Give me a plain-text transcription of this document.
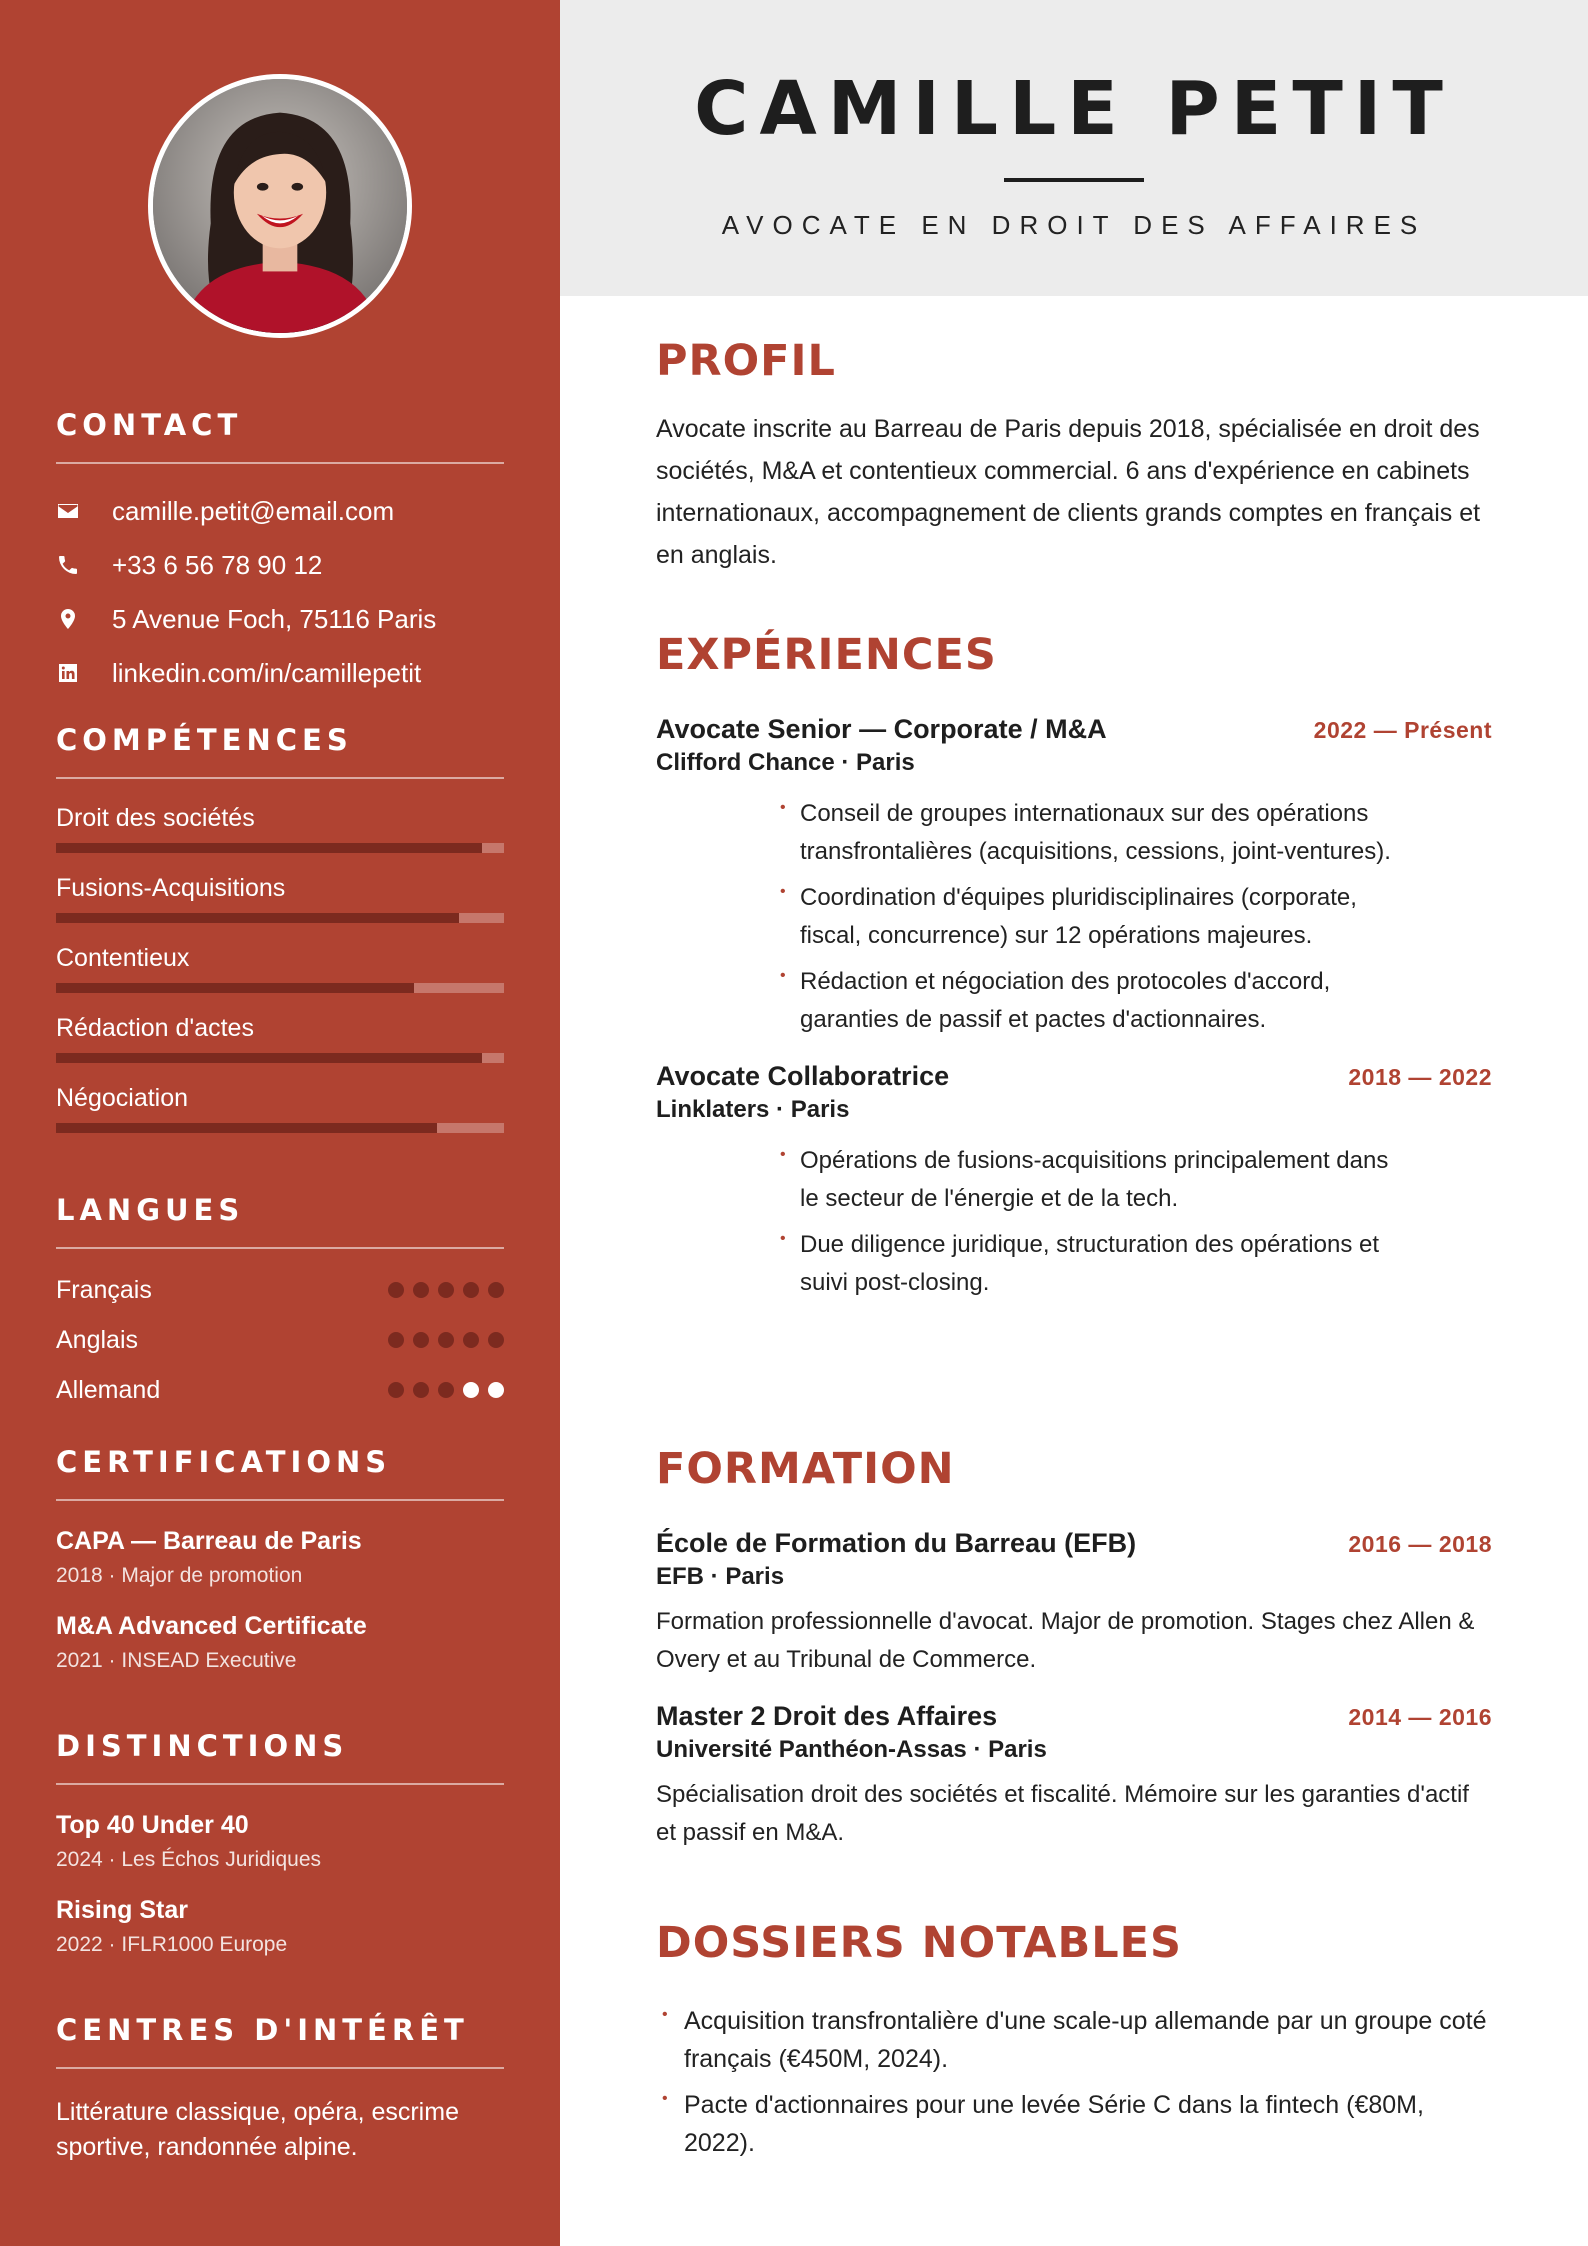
CONTACT
camille.petit@email.com
+33 6 56 78 90 12
5 Avenue Foch, 75116 Paris
linkedin.com/in/camillepetit
COMPÉTENCES
Droit des sociétés
Fusions-Acquisitions
Contentieux
Rédaction d'actes
Négociation
LANGUES
Français
Anglais
Allemand
CERTIFICATIONS
CAPA — Barreau de Paris
2018 · Major de promotion
M&A Advanced Certificate
2021 · INSEAD Executive
DISTINCTIONS
Top 40 Under 40
2024 · Les Échos Juridiques
Rising Star
2022 · IFLR1000 Europe
CENTRES D'INTÉRÊT
Littérature classique, opéra, escrime sportive, randonnée alpine.
CAMILLE PETIT
AVOCATE EN DROIT DES AFFAIRES
PROFIL

Avocate inscrite au Barreau de Paris depuis 2018, spécialisée en droit des sociétés, M&A et contentieux commercial. 6 ans d'expérience en cabinets internationaux, accompagnement de clients grands comptes en français et en anglais.

EXPÉRIENCES
Avocate Senior — Corporate / M&A	2022 — Présent
Clifford Chance · Paris
• Conseil de groupes internationaux sur des opérations transfrontalières (acquisitions, cessions, joint-ventures).
• Coordination d'équipes pluridisciplinaires (corporate, fiscal, concurrence) sur 12 opérations majeures.
• Rédaction et négociation des protocoles d'accord, garanties de passif et pactes d'actionnaires.
Avocate Collaboratrice	2018 — 2022
Linklaters · Paris
• Opérations de fusions-acquisitions principalement dans le secteur de l'énergie et de la tech.
• Due diligence juridique, structuration des opérations et suivi post-closing.
FORMATION
École de Formation du Barreau (EFB)	2016 — 2018
EFB · Paris

Formation professionnelle d'avocat. Major de promotion. Stages chez Allen & Overy et au Tribunal de Commerce.

Master 2 Droit des Affaires	2014 — 2016
Université Panthéon-Assas · Paris

Spécialisation droit des sociétés et fiscalité. Mémoire sur les garanties d'actif et passif en M&A.

DOSSIERS NOTABLES
• Acquisition transfrontalière d'une scale-up allemande par un groupe coté français (€450M, 2024).
• Pacte d'actionnaires pour une levée Série C dans la fintech (€80M, 2022).
